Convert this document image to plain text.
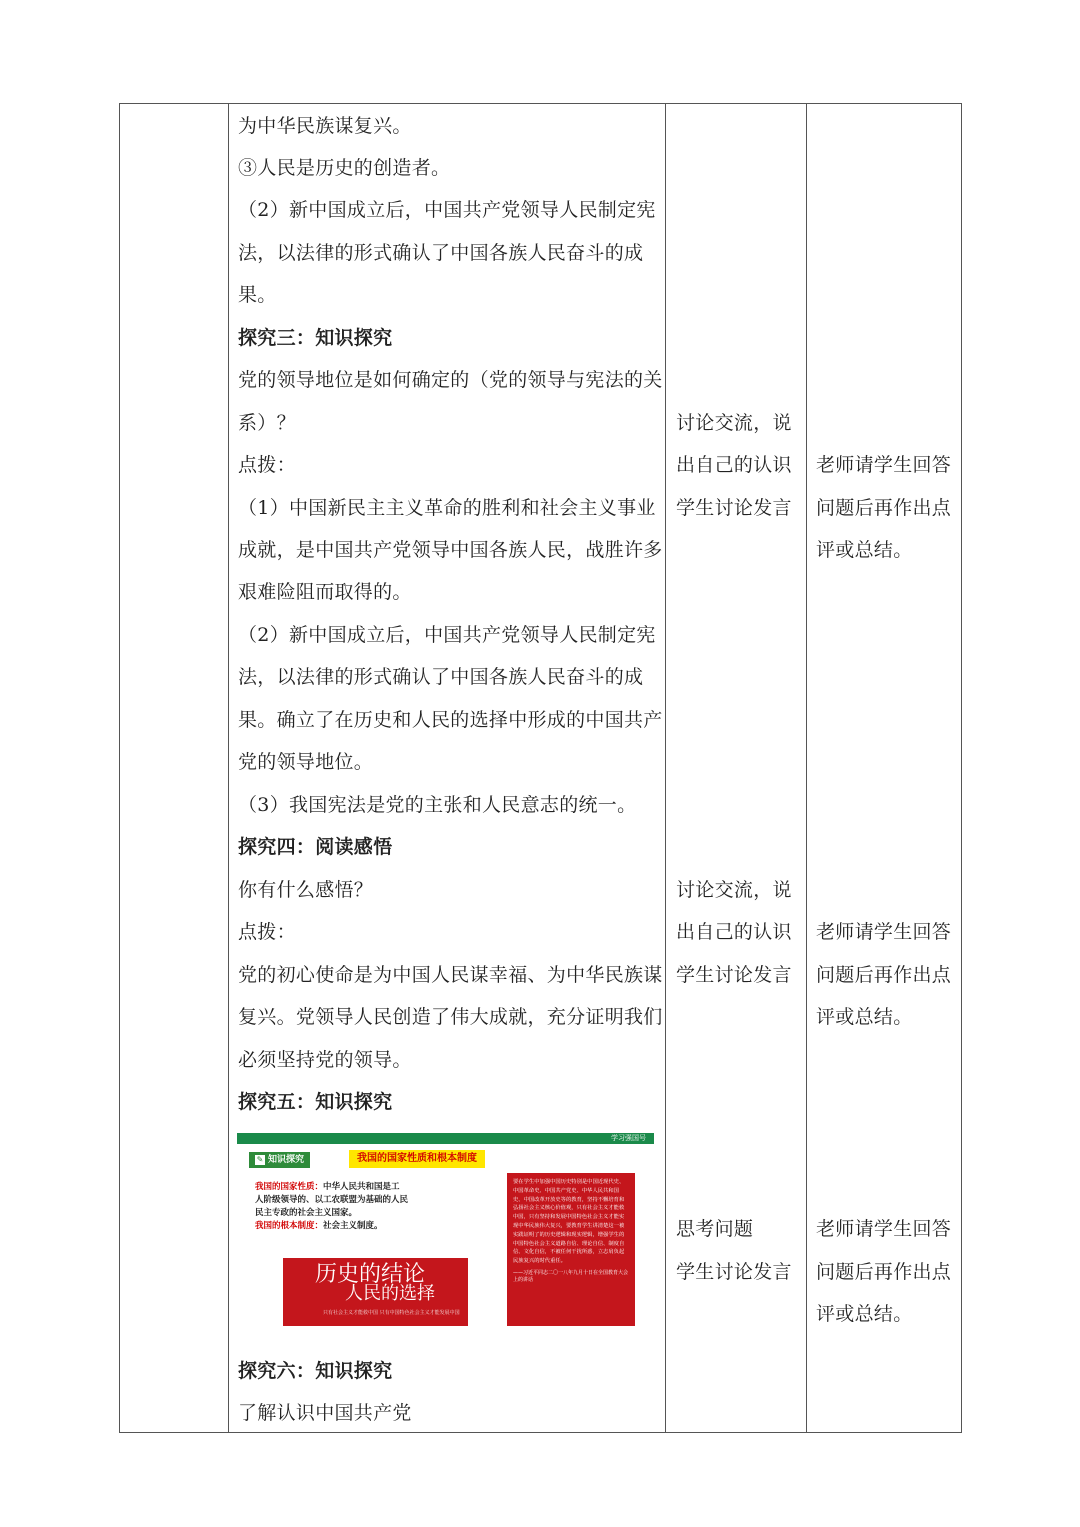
为中华民族谋复兴。
③人民是历史的创造者。
（2）新中国成立后，中国共产党领导人民制定宪
法，以法律的形式确认了中国各族人民奋斗的成
果。
探究三：知识探究
党的领导地位是如何确定的（党的领导与宪法的关
系）？
点拨：
（1）中国新民主主义革命的胜利和社会主义事业
成就，是中国共产党领导中国各族人民，战胜许多
艰难险阻而取得的。
（2）新中国成立后，中国共产党领导人民制定宪
法，以法律的形式确认了中国各族人民奋斗的成
果。确立了在历史和人民的选择中形成的中国共产
党的领导地位。
（3）我国宪法是党的主张和人民意志的统一。
探究四：阅读感悟
你有什么感悟？
点拨：
党的初心使命是为中国人民谋幸福、为中华民族谋
复兴。党领导人民创造了伟大成就，充分证明我们
必须坚持党的领导。
探究五：知识探究
探究六：知识探究
了解认识中国共产党
学习强国号
✎ 知识探究	我国的国家性质和根本制度
我国的国家性质：中华人民共和国是工
人阶级领导的、以工农联盟为基础的人民
民主专政的社会主义国家。
我国的根本制度：社会主义制度。
历史的结论
人民的选择
只有社会主义才能救中国 只有中国特色社会主义才能发展中国
要在学生中加强中国历史特别是中国近现代史、中国革命史、中国共产党史、中华人民共和国史、中国改革开放史等的教育，坚持不懈培育和弘扬社会主义核心价值观，只有社会主义才能救中国，只有坚持和发展中国特色社会主义才能实现中华民族伟大复兴，要教育学生讲清楚这一被实践证明了的历史逻辑和现实逻辑，增强学生的中国特色社会主义道路自信、理论自信、制度自信、文化自信，不被任何干扰所惑，立志肩负起民族复兴的时代重任。
——习近平同志二〇一八年九月十日在全国教育大会上的讲话
讨论交流，说
出自己的认识
学生讨论发言
讨论交流，说
出自己的认识
学生讨论发言
思考问题
学生讨论发言
老师请学生回答
问题后再作出点
评或总结。
老师请学生回答
问题后再作出点
评或总结。
老师请学生回答
问题后再作出点
评或总结。
